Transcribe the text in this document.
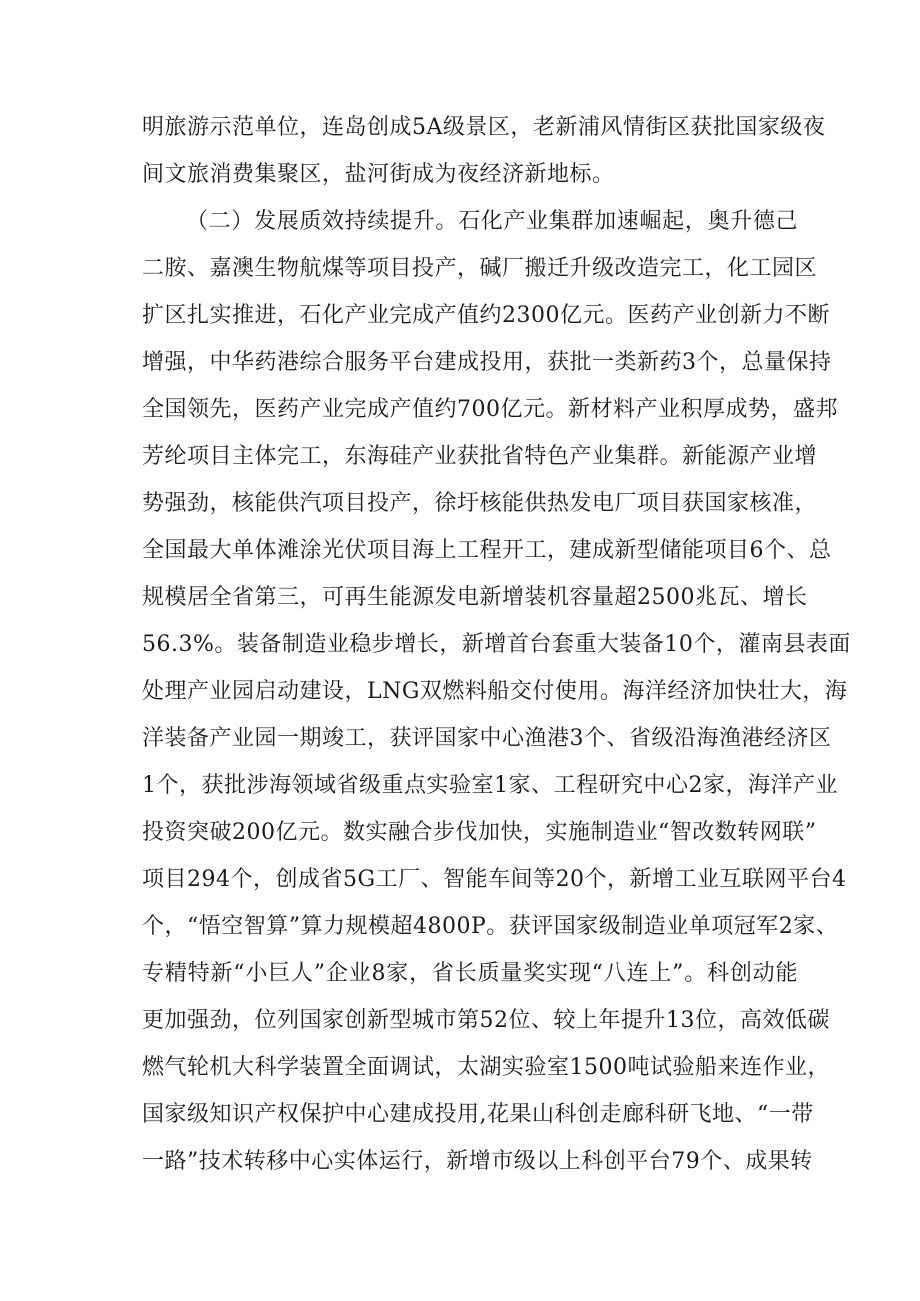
明旅游示范单位，连岛创成5A级景区，老新浦风情街区获批国家级夜
间文旅消费集聚区，盐河街成为夜经济新地标。
（二）发展质效持续提升。石化产业集群加速崛起，奥升德己
二胺、嘉澳生物航煤等项目投产，碱厂搬迁升级改造完工，化工园区
扩区扎实推进，石化产业完成产值约2300亿元。医药产业创新力不断
增强，中华药港综合服务平台建成投用，获批一类新药3个，总量保持
全国领先，医药产业完成产值约700亿元。新材料产业积厚成势，盛邦
芳纶项目主体完工，东海硅产业获批省特色产业集群。新能源产业增
势强劲，核能供汽项目投产，徐圩核能供热发电厂项目获国家核准，
全国最大单体滩涂光伏项目海上工程开工，建成新型储能项目6个、总
规模居全省第三，可再生能源发电新增装机容量超2500兆瓦、增长
56.3%。装备制造业稳步增长，新增首台套重大装备10个，灌南县表面
处理产业园启动建设，LNG双燃料船交付使用。海洋经济加快壮大，海
洋装备产业园一期竣工，获评国家中心渔港3个、省级沿海渔港经济区
1个，获批涉海领域省级重点实验室1家、工程研究中心2家，海洋产业
投资突破200亿元。数实融合步伐加快，实施制造业“智改数转网联”
项目294个，创成省5G工厂、智能车间等20个，新增工业互联网平台4
个，“悟空智算”算力规模超4800P。获评国家级制造业单项冠军2家、
专精特新“小巨人”企业8家，省长质量奖实现“八连上”。科创动能
更加强劲，位列国家创新型城市第52位、较上年提升13位，高效低碳
燃气轮机大科学装置全面调试，太湖实验室1500吨试验船来连作业，
国家级知识产权保护中心建成投用,花果山科创走廊科研飞地、“一带
一路”技术转移中心实体运行，新增市级以上科创平台79个、成果转
